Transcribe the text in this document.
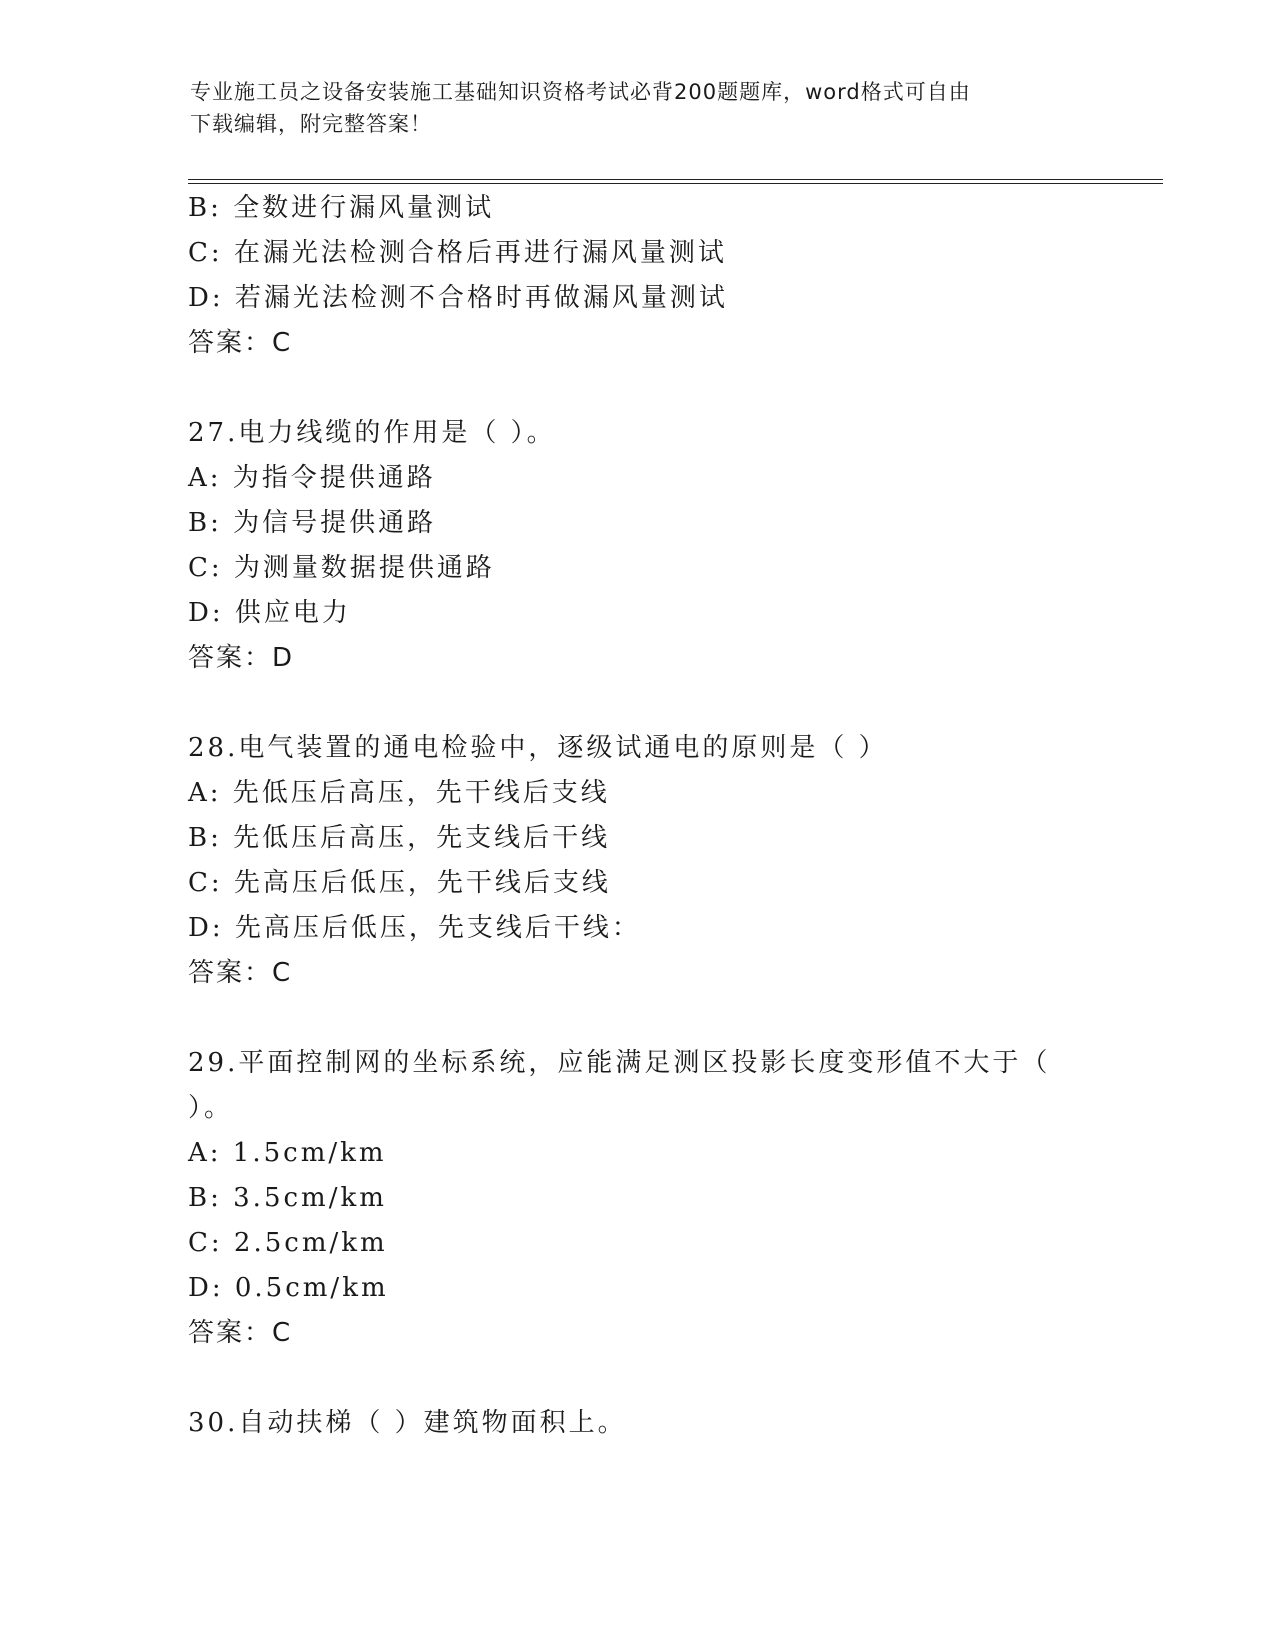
专业施工员之设备安装施工基础知识资格考试必背200题题库，word格式可自由
下载编辑，附完整答案！
B: 全数进行漏风量测试
C: 在漏光法检测合格后再进行漏风量测试
D: 若漏光法检测不合格时再做漏风量测试
答案：C
27.电力线缆的作用是（ ）。
A: 为指令提供通路
B: 为信号提供通路
C: 为测量数据提供通路
D: 供应电力
答案：D
28.电气装置的通电检验中，逐级试通电的原则是（ ）
A: 先低压后高压，先干线后支线
B: 先低压后高压，先支线后干线
C: 先高压后低压，先干线后支线
D: 先高压后低压，先支线后干线：
答案：C
29.平面控制网的坐标系统，应能满足测区投影长度变形值不大于（
）。
A: 1.5cm/km
B: 3.5cm/km
C: 2.5cm/km
D: 0.5cm/km
答案：C
30.自动扶梯（ ）建筑物面积上。
